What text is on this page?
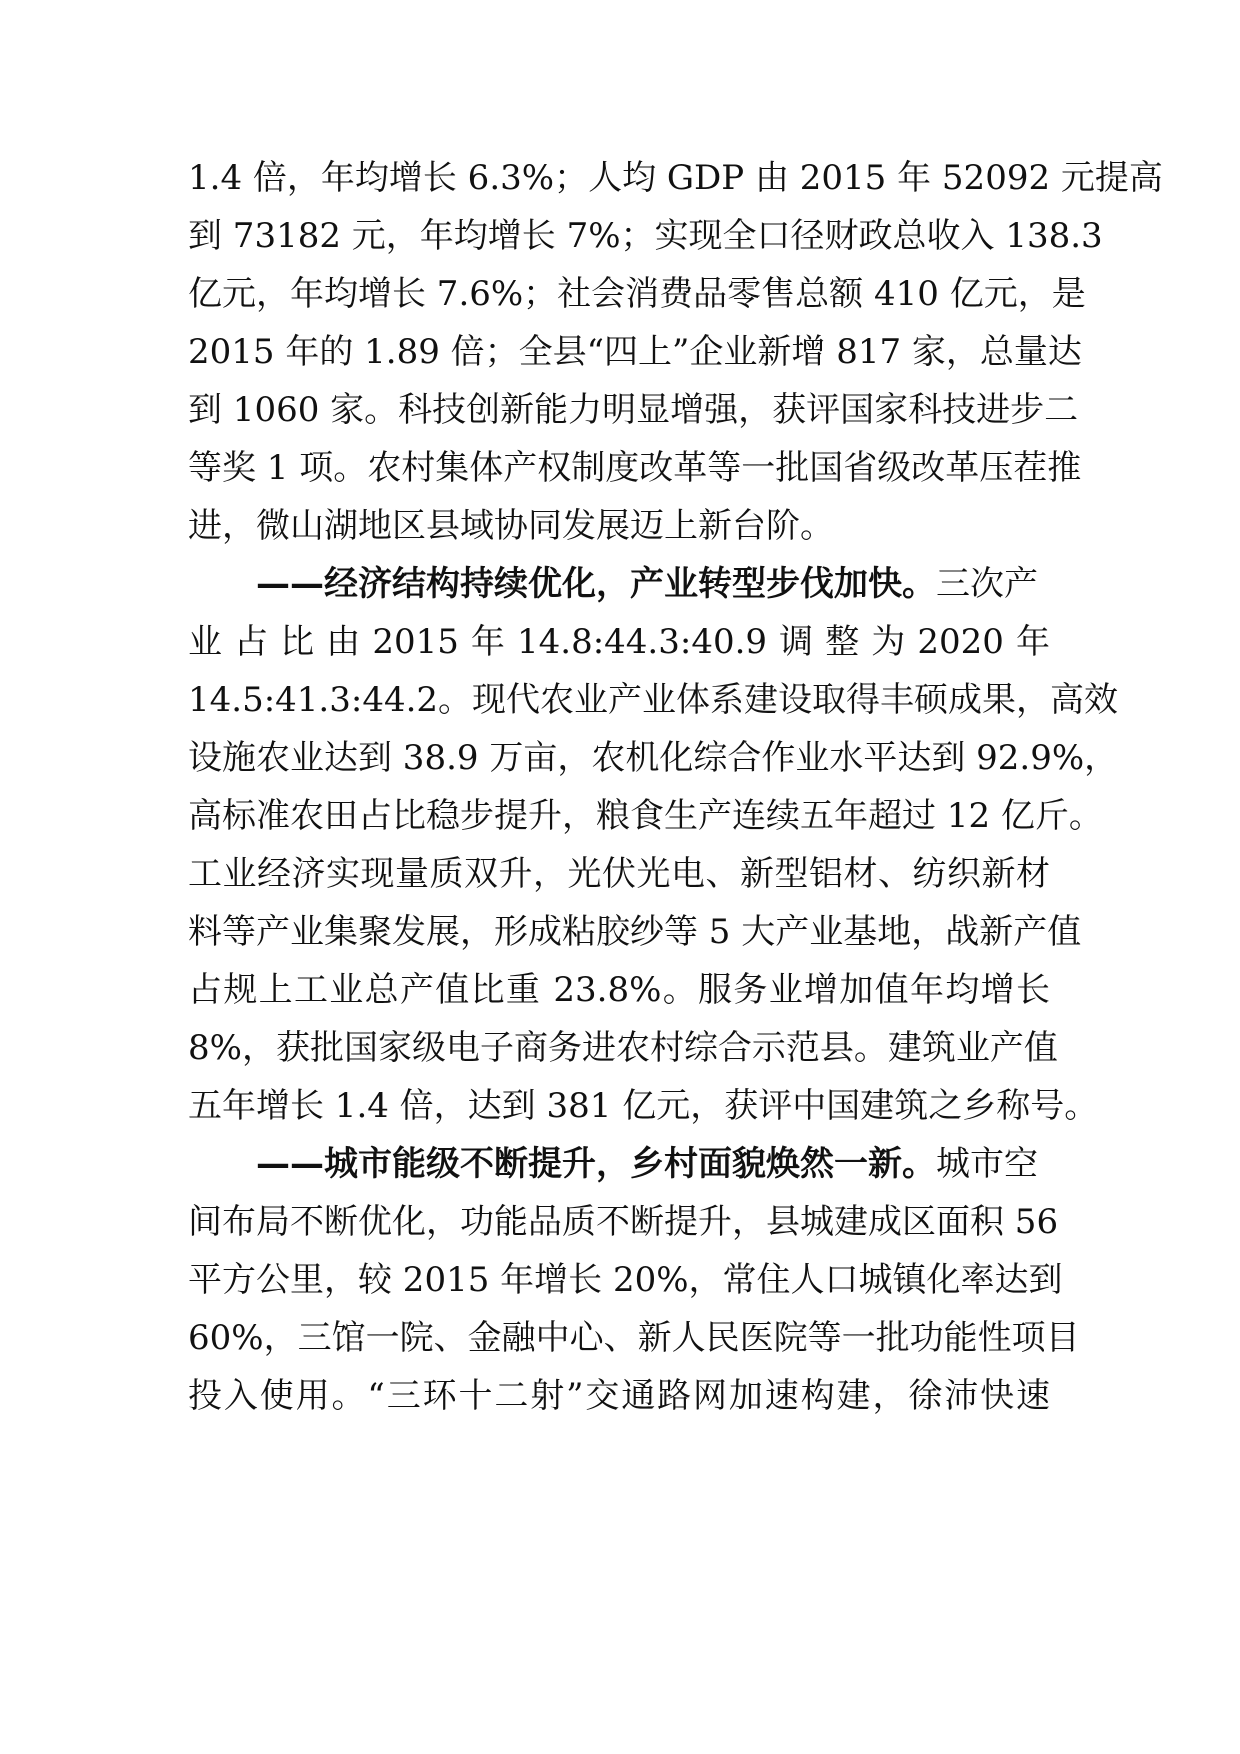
1.4 倍，年均增长 6.3%；人均 GDP 由 2015 年 52092 元提高
到 73182 元，年均增长 7%；实现全口径财政总收入 138.3
亿元，年均增长 7.6%；社会消费品零售总额 410 亿元，是
2015 年的 1.89 倍；全县“四上”企业新增 817 家，总量达
到 1060 家。科技创新能力明显增强，获评国家科技进步二
等奖 1 项。农村集体产权制度改革等一批国省级改革压茬推
进，微山湖地区县域协同发展迈上新台阶。
——经济结构持续优化，产业转型步伐加快。三次产
业 占 比 由 2015 年 14.8:44.3:40.9 调 整 为 2020 年
14.5:41.3:44.2。现代农业产业体系建设取得丰硕成果，高效
设施农业达到 38.9 万亩，农机化综合作业水平达到 92.9%，
高标准农田占比稳步提升，粮食生产连续五年超过 12 亿斤。
工业经济实现量质双升，光伏光电、新型铝材、纺织新材
料等产业集聚发展，形成粘胶纱等 5 大产业基地，战新产值
占规上工业总产值比重 23.8%。服务业增加值年均增长
8%，获批国家级电子商务进农村综合示范县。建筑业产值
五年增长 1.4 倍，达到 381 亿元，获评中国建筑之乡称号。
——城市能级不断提升，乡村面貌焕然一新。城市空
间布局不断优化，功能品质不断提升，县城建成区面积 56
平方公里，较 2015 年增长 20%，常住人口城镇化率达到
60%，三馆一院、金融中心、新人民医院等一批功能性项目
投入使用。“三环十二射”交通路网加速构建，徐沛快速
